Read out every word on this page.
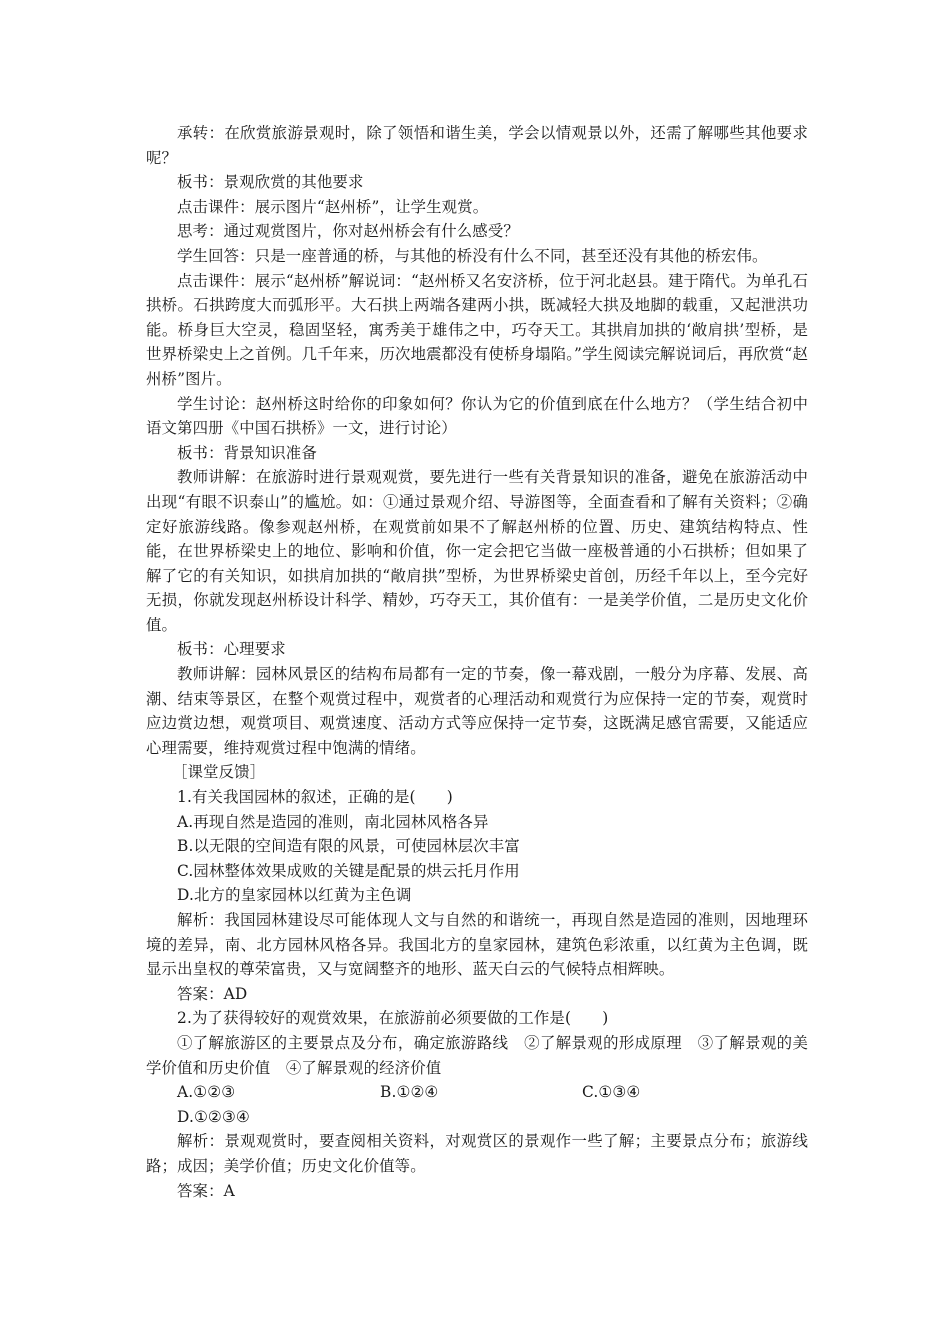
承转：在欣赏旅游景观时，除了领悟和谐生美，学会以情观景以外，还需了解哪些其他要求呢？

板书：景观欣赏的其他要求

点击课件：展示图片“赵州桥”，让学生观赏。

思考：通过观赏图片，你对赵州桥会有什么感受？

学生回答：只是一座普通的桥，与其他的桥没有什么不同，甚至还没有其他的桥宏伟。

点击课件：展示“赵州桥”解说词：“赵州桥又名安济桥，位于河北赵县。建于隋代。为单孔石拱桥。石拱跨度大而弧形平。大石拱上两端各建两小拱，既减轻大拱及地脚的载重，又起泄洪功能。桥身巨大空灵，稳固坚轻，寓秀美于雄伟之中，巧夺天工。其拱肩加拱的‘敞肩拱’型桥，是世界桥梁史上之首例。几千年来，历次地震都没有使桥身塌陷。”学生阅读完解说词后，再欣赏“赵州桥”图片。

学生讨论：赵州桥这时给你的印象如何？你认为它的价值到底在什么地方？（学生结合初中语文第四册《中国石拱桥》一文，进行讨论）

板书：背景知识准备

教师讲解：在旅游时进行景观观赏，要先进行一些有关背景知识的准备，避免在旅游活动中出现“有眼不识泰山”的尴尬。如：①通过景观介绍、导游图等，全面查看和了解有关资料；②确定好旅游线路。像参观赵州桥，在观赏前如果不了解赵州桥的位置、历史、建筑结构特点、性能，在世界桥梁史上的地位、影响和价值，你一定会把它当做一座极普通的小石拱桥；但如果了解了它的有关知识，如拱肩加拱的“敞肩拱”型桥，为世界桥梁史首创，历经千年以上，至今完好无损，你就发现赵州桥设计科学、精妙，巧夺天工，其价值有：一是美学价值，二是历史文化价值。

板书：心理要求

教师讲解：园林风景区的结构布局都有一定的节奏，像一幕戏剧，一般分为序幕、发展、高潮、结束等景区，在整个观赏过程中，观赏者的心理活动和观赏行为应保持一定的节奏，观赏时应边赏边想，观赏项目、观赏速度、活动方式等应保持一定节奏，这既满足感官需要，又能适应心理需要，维持观赏过程中饱满的情绪。

［课堂反馈］

1.有关我国园林的叙述，正确的是(　　)

A.再现自然是造园的准则，南北园林风格各异

B.以无限的空间造有限的风景，可使园林层次丰富

C.园林整体效果成败的关键是配景的烘云托月作用

D.北方的皇家园林以红黄为主色调

解析：我国园林建设尽可能体现人文与自然的和谐统一，再现自然是造园的准则，因地理环境的差异，南、北方园林风格各异。我国北方的皇家园林，建筑色彩浓重，以红黄为主色调，既显示出皇权的尊荣富贵，又与宽阔整齐的地形、蓝天白云的气候特点相辉映。

答案：AD

2.为了获得较好的观赏效果，在旅游前必须要做的工作是(　　)

①了解旅游区的主要景点及分布，确定旅游路线　②了解景观的形成原理　③了解景观的美学价值和历史价值　④了解景观的经济价值

A.①②③	B.①②④	C.①③④

D.①②③④

解析：景观观赏时，要查阅相关资料，对观赏区的景观作一些了解；主要景点分布；旅游线路；成因；美学价值；历史文化价值等。

答案：A
